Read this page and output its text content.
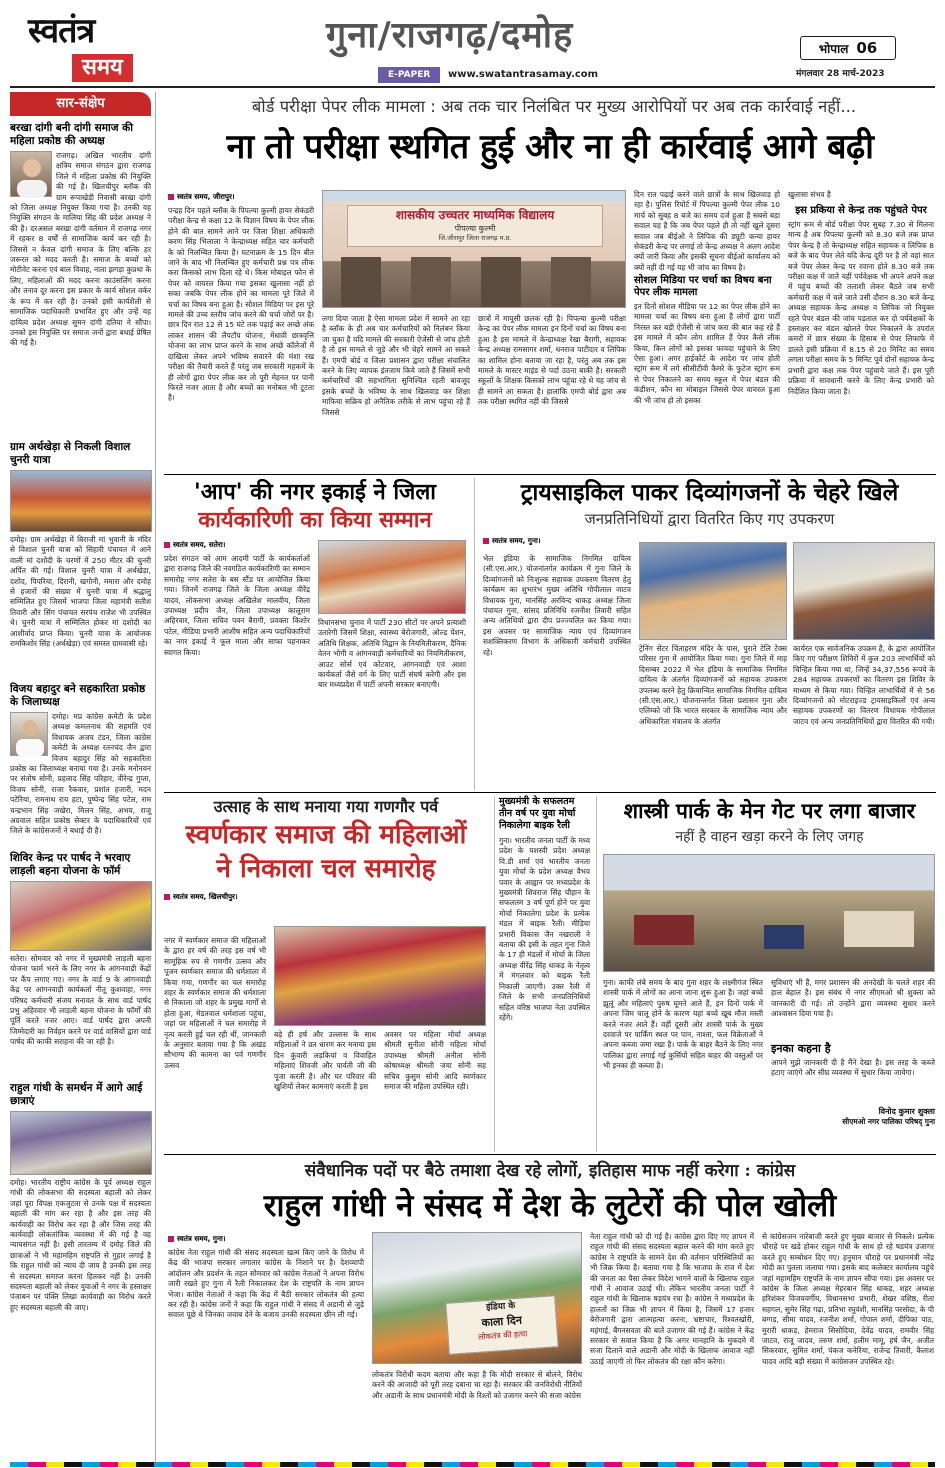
स्वतंत्र
समय
गुना/राजगढ़/दमोह
E-PAPER	www.swatantrasamay.com
भोपाल 06
मंगलवार 28 मार्च-2023
सार-संक्षेप
बरखा दांगी बनी दांगी समाज की महिला प्रकोष्ठ की अध्यक्ष
राजगढ़। अखिल भारतीय दांगी क्षत्रिय समाज संगठन द्वारा राजगढ़ जिले में महिला प्रकोष्ठ की नियुक्ति की गई है। खिलचीपुर ब्लॉक की ग्राम रूपाखेड़ी निवासी बरखा दांगी को जिला अध्यक्ष नियुक्त किया गया है। उनकी यह नियुक्ति संगठन के मालिया सिंह की प्रदेश अध्यक्ष ने की है। दरअसल बरखा दांगी वर्तमान में राजगढ़ नगर में रहकर 8 वर्षों से सामाजिक कार्य कर रही है। जिससे न केवल दांगी समाज के लिए बल्कि हर जरूरत को मदद करती है। समाज के बच्चों को मोटीवेट करना एवं बाल विवाह, नाता झगड़ा कुप्रथा के लिए, महिलाओं की मदद करना काउंसलिंग करना और तनाव दूर करना इस प्रकार के कार्य सोशल वर्कर के रूप में कर रही है। उनको इसी कार्यशैली से सामाजिक पदाधिकारी प्रभावित हुए और उन्हें यह दायित्व प्रदेश अध्यक्ष सुमन दांगी दतिया ने सौंपा। उनको इस नियुक्ति पर समाज जनों द्वारा बधाई प्रेषित की गई है।
ग्राम अर्थखेड़ा से निकली विशाल चुनरी यात्रा
दमोह। ग्राम अर्थखेड़ा में बिराजी मां भुवानी के मंदिर से विशाल चुनरी यात्रा को सिहारी पंचायत में आने वाली मां दशोदी के चरणों में 250 मीटर की चुनरी अर्पित की गई। विशाल चुनरी यात्रा में अर्थखेड़ा, दशोद, पिपरिया, दिरानी, खगोनी, ममारा और दमोह से हजारों की संख्या में चुनरी यात्रा में श्रद्धालु सम्मिलित हुए जिसमें भाजपा जिला महामंत्री सतीश तिवारी और सिंग पंचायत सरपंच राजेश भी उपस्थित थे। चुनरी यात्रा में सम्मिलित होकर मां दशोदी का आशीर्वाद प्राप्त किया। चुनरी यात्रा के आयोजक रामकिशोर सिंह (अर्थखेड़ा) एवं समस्त ग्रामवासी रहे।
विजय बहादुर बने सहकारिता प्रकोष्ठ के जिलाध्यक्ष
दमोह। मप्र कांग्रेस कमेटी के प्रदेश अध्यक्ष कमलनाथ की सहमति एवं विधायक अजय टंडन, जिला कांग्रेस कमेटी के अध्यक्ष रतनचंद जैन द्वारा विजय बहादुर सिंह को सहकारिता प्रकोष्ठ का जिलाध्यक्ष बनाया गया है। उनके मनोनयन पर संतोष सोनी, प्रहलाद सिंह परिहार, वीरेन्द्र गुप्ता, विजय सोनी, राजा रैकवार, प्रशांत हजारी, मदन पटेरिया, रामनाथ राय हटा, पुष्पेन्द्र सिंह पटेल, राम चन्द्रभान सिंह जखेरा, मिलन सिंह, अभय, राजू अग्रवाल सहित प्रकोष्ठ सेक्टर के पदाधिकारियों एवं जिले के कांग्रेसजनों ने बधाई दी है।
शिविर केन्द्र पर पार्षद ने भरवाए लाड़ली बहना योजना के फॉर्म
सतेरा। सोमवार को नगर में मुख्यमंत्री लाड़ली बहना योजना फार्म भरने के लिए नगर के आंगनवाड़ी केंद्रों पर कैंप लगाए गए। नगर के वार्ड 9 के आंगनवाड़ी केंद्र पर आंगनवाड़ी कार्यकर्ता नीतू कुशवाहा, नगर परिषद कर्मचारी संजय मनावत के साथ वार्ड पार्षद प्रभु अहिरवार भी लाड़ली बहना योजना के फॉर्मों की पूर्ति करते नजर आए। वार्ड पार्षद द्वारा अपनी जिम्मेदारी का निर्वहन करने पर वार्ड वासियों द्वारा वार्ड पार्षद की काफी सराहना की जा रही है।
राहुल गांधी के समर्थन में आगे आई छात्राएं
दमोह। भारतीय राष्ट्रीय कांग्रेस के पूर्व अध्यक्ष राहुल गांधी की लोकसभा की सदस्यता बहाली को लेकर जहां पूरा विपक्ष एकजुटता से उनके पक्ष में सदस्यता बहाली की मांग कर रहा है और इस तरह की कार्यवाही का विरोध कर रहा है और जिस तरह की कार्यवाही लोकतांत्रिक व्यवस्था में की गई है वह न्यायसंगत नहीं है। इसी तारतम्य में दमोह जिले की छात्राओं ने भी महामहिम राष्ट्रपति से गुहार लगाई है कि राहुल गांधी को न्याय दी जाय है उनकी इस तरह से सदस्यता समाप्त करना हितकर नहीं है। उनकी सदस्यता बहाली को लेकर युवाओं ने नगर के हस्ताक्षर पंजाबन पर पंक्ति लिखा कार्यवाही का विरोध करते हुए सदस्यता बहाली की जाए।
बोर्ड परीक्षा पेपर लीक मामला : अब तक चार निलंबित पर मुख्य आरोपियों पर अब तक कार्रवाई नहीं...
ना तो परीक्षा स्थगित हुई और ना ही कार्रवाई आगे बढ़ी
स्वतंत्र समय, जीरापुर।
पन्द्रह दिन पहले ब्लॉक के पिपल्या कुल्मी हायर सेकंडरी परीक्षा केन्द्र से कक्षा 12 के विज्ञान विषय के पेपर लीक होने की बात सामने आने पर जिला शिक्षा अधिकारी करण सिंह भिलाला ने केन्द्राध्यक्ष सहित चार कर्मचारी के को निलम्बित किया है। घटनाक्रम के 15 दिन बीत जाने के बाद भी निलम्बित हुए कर्मचारी प्रश्न पत्र लीक करा किसको लाभ दिला रहे थे। किस मोबाइल फोन से पेपर को वायरल किया गया इसका खुलासा नहीं हो सका जबकि पेपर लीक होने का मामला पूरे जिले में चर्चा का विषय बना हुआ है। सोशल मिडिया पर इस पूरे मामले की उच्च स्तरीय जांच करने की चर्चा जोरों पर है। छात्र दिन रात 12 से 15 घंटे तक पढ़ाई कर अच्छे अंक लाकर शासन की लैपटॉप योजना, मेधावी छात्रवृत्ति योजना का लाभ प्राप्त करने के साथ अच्छे कॉलेजों में दाखिला लेकर अपने भविष्य सवारने की मंशा रख परीक्षा की तैयारी करते हैं परंतु जब सरकारी महकमें के ही लोगों द्वारा पेपर लीक कर तो पूरी मेहनत पर पानी फिरते नजर आता है और बच्चों का मनोबल भी टूटता है।
शासकीय उच्चतर माध्यमिक विद्यालय
पीपल्या कुल्मी
जि.जीरापुर जिला राजगढ़ म.प्र.
लगा दिया जाता है ऐसा मामला प्रदेश में सामने आ रहा है ब्लॉक के ही अब चार कर्मचारियों को निलंबन किया जा चुका है यदि मामले की सरकारी ऐजेंसी से जांच होती है तो इस मामले से जुड़े और भी चेहरे सामने आ सकते हैं। एमपी बोर्ड व जिला प्रशासन द्वारा परीक्षा संचालित करने के लिए व्यापक इंतजाम किये जाते हैं जिसमें सभी कर्मचारियों की सहभागिता सुनिश्चित रहती बावजूद इसके बच्चों के भविष्य के साथ खिलवाड़ कर शिक्षा माफिया सक्रिय हो अनैतिक तरीके से लाभ पहुंचा रहे हैं जिससे
छात्रों में मायूसी छलक रही है। पिपल्या कुल्मी परीक्षा केन्द्र का पेपर लीक मामला इन दिनों चर्चा का विषय बना हुआ है इस मामले में केन्द्राध्यक्ष रेखा बैरागी, सहायक केन्द्र अध्यक्ष रामसागर शर्मा, धनराज पाटीदार व लिपिक का शामिल होना बताया जा रहा है, परंतु अब तक इस मामले के मास्टर माइंड से पर्दा उठना बाकी है। सरकारी स्कूलों के शिक्षक किसको लाभ पहुंचा रहे थे यह जांच से ही सामने आ सकता है। हालांकि एमपी बोर्ड द्वारा अब तक परीक्षा स्थगित नहीं की जिससे
दिन रात पढ़ाई करने वाले छात्रों के साथ खिलवाड़ हो रहा है। पुलिस रिपोर्ट में पिपल्या कुल्मी पेपर लीक 10 मार्च को सुबह 8 बजे का समय दर्ज हुआ है सबसे बड़ा सवाल यह है कि जब पेपर पहले ही तो नहीं खुले दूसरा सवाल जब बीईओ ने लिपिक की ड्यूटी कन्या हायर सेकंडरी केन्द्र पर लगाई तो केन्द्र अध्यक्ष ने अलग आदेश क्यों जारी किया और इसकी सूचना बीईओ कार्यालय को क्यों नहीं दी गई यह भी जांच का विषय है।
सोशल मिडिया पर चर्चा का विषय बना पेपर लीक मामला
इन दिनों सोशल मीडिया पर 12 का पेपर लीक होने का मामला चर्चा का विषय बना हुआ है लोगों द्वारा पार्टी निरस्त कर बड़ी ऐजेंसी से जांच करा की बात कह रहे हैं इस मामले में कौन लोग शामिल हैं पेपर कैसे लीक किया, किन लोगों को इसका फायदा पहुंचाने के लिए ऐसा हुआ। अगर हाईकोर्ट के आदेश पर जांच होती स्ट्रांग रूम में लगे सीसीटीवी कैमरे के फुटेज स्ट्रांग रूम से पेपर निकालने का समय स्कूल में पेपर बंडल की कंडीशन, कौन सा मोबाइल जिससे पेपर वायरल हुआ की भी जांच हो तो इसका
खुलासा संभव है
इस प्रकिया से केन्द्र तक पहुंचते पेपर
स्ट्रांग रूम से बोर्ड परीक्षा पेपर सुबह 7.30 से मिलना मान्य है अब पिपल्या कुल्मी को 8.30 बजे तक प्राप्त पेपर केन्द्र है तो केन्द्राध्यक्ष सहित सहायक व लिपिक 8 बजे के बाद पेपर लेते यदि केन्द्र दूरी पर है तो वहां सात बजे पेपर लेकर केन्द्र पर रवाना होते 8.30 बजे तक परीक्षा कक्ष में जाते यहीं पर्यवेक्षक भी अपने अपने कक्ष में पहुंच बच्चों की तलाशी लेकर बैठते जब सभी कर्मचारी कक्ष में चले जाते उसी दौरान 8.30 बजे केन्द्र अध्यक्ष सहायक केन्द्र अध्यक्ष व लिपिक जो नियुक्त रहते पेपर बंडल की जांच पड़ताल कर दो पर्यवेक्षकों के हस्ताक्षर कर बंडल खोलते पेपर निकालने के उपरांत कमरों में छात्र संख्या के हिसाब से पेपर लिफाफे में डालते इसी प्रक्रिया में 8.15 से 20 मिनिट का समय लगता परीक्षा समय के 5 मिनिट पूर्व दोनों सहायक केन्द्र प्रभारी द्वारा कक्ष तक पेपर पहुंचाये जाते हैं। इस पूरी प्रक्रिया में सावधानी करने के लिए केन्द्र प्रभारी को निर्देशित किया जाता है।
'आप' की नगर इकाई ने जिला
कार्यकारिणी का किया सम्मान
स्वतंत्र समय, सतेरा।
प्रदेश संगठन को आम आदमी पार्टी के कार्यकर्ताओं द्वारा राजगढ़ जिले की नवगठित कार्यकारिणी का सम्मान समारोह नगर सतेरा के बस स्टैंड पर आयोजित किया गया। जिनमें राजगढ़ जिले के जिला अध्यक्ष वीरेंद्र यादव, लोकसभा अध्यक्ष अखिलेश मालवीय, जिला उपाध्यक्ष प्रदीप जैन, जिला उपाध्यक्ष कालूराम अहिरवार, जिला सचिव पवन बैरागी, प्रवक्ता किशोर पटेल, मीडिया प्रभारी आशीष सहित अन्य पदाधिकारियों का नगर इकाई ने फूल माला और साफा पहनाकर स्वागत किया।
विधानसभा चुनाव में पार्टी 230 सीटों पर अपने प्रत्याशी उतारेगी जिसमें शिक्षा, स्वास्थ्य बेरोजगारी, ओल्ड पेंशन, अतिथि शिक्षक, अतिथि विद्वान के नियमितीकरण, दैनिक वेतन भोगी व आंगनवाड़ी कर्मचारियों का नियमितीकरण, आउट सोर्स एवं कोटवार, आंगनवाड़ी एवं आशा कार्यकर्ता जैसे वर्ग के लिए पार्टी संघर्ष करेगी और इस बार मध्यप्रदेश में पार्टी अपनी सरकार बनाएगी।
ट्रायसाइकिल पाकर दिव्यांगजनों के चेहरे खिले
जनप्रतिनिधियों द्वारा वितरित किए गए उपकरण
स्वतंत्र समय, गुना।
भेल इंडिया के सामाजिक निगमित दायित्व (सी.एस.आर.) योजनांतर्गत कार्यक्रम में गुना जिले के दिव्यांगजनों को निःशुल्क सहायक उपकरण वितरण हेतु कार्यक्रम का शुभारंभ मुख्य अतिथि गोपीलाल जाटव विधायक गुना, मानसिंह अरविन्द धाकड़ अध्यक्ष जिला पंचायत गुना, सांसद प्रतिनिधि रजनीश तिवारी सहित अन्य अतिथियों द्वारा दीप प्रज्ज्वलित कर किया गया। इस अवसर पर सामाजिक न्याय एवं दिव्यांगजन सशक्तिकरण विभाग के अधिकारी कर्मचारी उपस्थित रहे।	ट्रेनिंग सेंटर चिंताहरण मंदिर के पास, पुराने टेलि टेक्स परिसर गुना में आयोजित किया गया। गुना जिले में माह दिसम्बर 2022 में भेल इंडिया के सामाजिक निगमित दायित्व के अंतर्गत दिव्यांगजनों को सहायक उपकरण उपलब्ध करने हेतु क्रियान्वित सामाजिक निगमित दायित्व (सी.एस.आर.) योजनान्तर्गत जिला प्रशासन गुना और एलिम्को जो कि भारत सरकार के सामाजिक न्याय और अधिकारिता मंत्रालय के अंतर्गत
कार्यरत एक सार्वजनिक उपक्रम है, के द्वारा आयोजित किए गए परीक्षण शिविरों में कुल 203 लाभार्थियों को चिन्हित किया गया था, जिन्हें 34,37,556 रूपये के 284 सहायक उपकरणों का वितरण इस शिविर के माध्यम से किया गया। चिन्हित लाभार्थियों में से 56 दिव्यांगजनों को मोटराइज्ड ट्रायसाइकिलों एवं अन्य सहायक उपकरणों का वितरण विधायक गोपीलाल जाटव एवं अन्य जनप्रतिनिधियों द्वारा वितरित की गयी।
उत्साह के साथ मनाया गया गणगौर पर्व
स्वर्णकार समाज की महिलाओं ने निकाला चल समारोह
स्वतंत्र समय, खिलचीपुर।
नगर में स्वर्णकार समाज की महिलाओं के द्वारा हर वर्ष की तरह इस वर्ष भी सामूहिक रुप से गणगौर उत्सव और पूजन स्वर्णकार समाज की धर्मशाला में किया गया, गणगौर का चल समारोह शहर के स्वर्णकार समाज की धर्मशाला से निकाला जो शहर के प्रमुख मार्गों से होता हुआ, मेडतवाल धर्मशाला पहुंचा, जहां पर महिलाओं ने चल समारोह में नृत्य करती हुई चल रही थीं, जानकारी के अनुसार बताया गया है कि अखंड सौभाग्य की कामना का पर्व गणगौर उत्सव
बड़े ही हर्ष और उल्लास के साथ महिलाओं ने व्रत धारण कर मनाया इस दिन कुंवारी लड़कियां व विवाहित महिलाएं शिवजी और पार्वती जी की पूजा करती है। और घर परिवार की खुशियों लेकर कामनाएं करती है इस
अवसर पर महिला मोर्चा अध्यक्ष श्रीमती सुनीता सोनी महिला मोर्चा उपाध्यक्ष श्रीमती अनीता सोनी कोषाध्यक्ष श्रीमती जया सोनी सह सचिव कुसुम सोनी आदि स्वर्णकार समाज की महिला उपस्थित रही।
मुख्यमंत्री के सफलतम तीन वर्ष पर युवा मोर्चा निकालेगा बाइक रैली
गुना। भारतीय जनता पार्टी के मध्य प्रदेश के यशस्वी प्रदेश अध्यक्ष वि.डी शर्मा एवं भारतीय जनता युवा मोर्चा के प्रदेश अध्यक्ष वैभव पवार के आह्वान पर मध्यप्रदेश के मुख्यमंत्री शिवराज सिंह चौहान के सफलतम 3 वर्ष पूर्ण होने पर युवा मोर्चा निकालेगा प्रदेश के प्रत्येक मंडल में बाइक रैली। मीडिया प्रभारी विकास जैन नखराली ने बताया की इसी के तहत गुना जिले के 17 ही मंडलों में मोर्चा के जिला अध्यक्ष वीरेंद्र सिंह धाकड़ के नेतृत्व में मंगलवार को बाइक रैली निकाली जाएगी। उक्त रैली में जिले के सभी जनप्रतिनिधियों सहित वरिष्ठ भाजपा नेता उपस्थित रहेंगे।
शास्त्री पार्क के मेन गेट पर लगा बाजार
नहीं है वाहन खड़ा करने के लिए जगह
गुना। काफी लंबे समय के बाद गुना शहर के लक्ष्मीगंज स्थित शास्त्री पार्क में लोगों का आना जाना शुरू हुआ है। जहां बच्चे झूलूं और महिलाएं पुरुष घूमने आते हैं, इन दिनों पार्क में अपना जिम चालू होने के कारण यहां बच्चे खूब मौज मस्ती करते नजर आते हैं। वहीं दूसरी ओर शास्त्री पार्क के मुख्य दरवाजे पर पार्किंग स्थल पर पान, नाश्ता, फल विक्रेताओं ने अपना कब्जा जमा रखा है। पार्क के बाहर बैठने के लिए नगर पालिका द्वारा लगाई गई कुर्सियों सहित बाहर की वस्तुओं पर भी इनका ही कब्जा है।
सुविधाएं भी हैं, मगर प्रशासन की अनदेखी के चलते शहर की हाल बेहाल है। इस संबंध में नगर सीएमओ श्री शुक्ला को जानकारी दी गई। तो उन्होंने द्वारा व्यवस्था सुधार करने आश्वासन दिया गया है।
इनका कहना है
आपने मुझे जानकारी दी है मैंने देखा है। इस तरह के कब्जे हटाए जाएंगे और सीघ्र व्यवस्था में सुधार किया जायेगा।
विनोद कुमार शुक्ला
सीएमओ नगर पालिका परिषद् गुना
संवैधानिक पदों पर बैठे तमाशा देख रहे लोगों, इतिहास माफ नहीं करेगा : कांग्रेस
राहुल गांधी ने संसद में देश के लुटेरों की पोल खोली
स्वतंत्र समय, गुना।
कांग्रेस नेता राहुल गांधी की संसद सदस्यता खत्म किए जाने के विरोध में केंद्र की भाजपा सरकार लगातार कांग्रेस के निशाने पर है। देशव्यापी आंदोलन और प्रदर्शन के तहत सोमवार को कांग्रेस नेताओं ने अपना विरोध जारी रखते हुए गुना में रैली निकालकर देश के राष्ट्रपति के नाम ज्ञापन भेजा। कांग्रेस नेताओं ने कहा कि केंद्र में बैठी सरकार लोकतंत्र की हत्या कर रही है। कांग्रेस जनों ने कहा कि राहुल गांधी ने संसद में अडानी से जुड़े सवाल पूछे थे जिनका जवाब देने के बजाय उनकी सदस्यता छीन ली गई।
इंडिया के
काला दिन
लोकतंत्र की हत्या
लोकतंत्र विरोधी कदम बताया और कहा है कि मोदी सरकार से बोलने, विरोध करने की आजादी को पूरी तरह दबाना चा रहा है। सरकार की जनविरोधी नीतियों और अडानी के साथ प्रधानमंत्री मोदी के रिश्तों को उजागर करने की सजा कांग्रेस
नेता राहुल गांधी को दी गई है। कांग्रेस द्वारा दिए गए ज्ञापन में राहुल गांधी की संसद सदस्यता बहाल करने की मांग करते हुए कांग्रेस ने राष्ट्रपति के सामने देश की वर्तमान परिस्थितियों का भी जिक्र किया है। बताया गया है कि भाजपा के राज में देश की जनता का पैसा लेकर विदेश भागने वालों के खिलाफ राहुल गांधी ने आवाज उठाई थी। लेकिन भारतीय जनता पार्टी ने राहुल गांधी के खिलाफ षड़यंत्र रचा है। कांग्रेस ने मध्यप्रदेश के हालतों का जिक्र भी ज्ञापन में किया है, जिसमें 17 हजार बेरोजगारी द्वारा आत्महत्या करना, भ्रष्टाचार, रिश्वतखोरी, महंगाई, बैंगनसवता की बातें उजागर की गई हैं। कांग्रेस ने केंद्र सरकार से सवाल किया है कि अगर मानहानि के मुकदमे में सजा दिलाने वाले अडानी और मोदी के खिलाफ आवाज नहीं उठाई जाएगी तो फिर लोकतंत्र की रक्षा कौन करेगा।
से कांग्रेसजन नारेबाजी करते हुए मुख्य बाजार से निकले। प्रत्येक चौराहे पर खड़े होकर राहुल गांधी के साथ हो रहे षडयंत्र उजागर करते हुए सम्बोधन दिए गए। हनुमान चौराहे पर प्रधानमंत्री नरेंद्र मोदी का पुतला जलाया गया। इसके बाद कलेक्टर कार्यालय पहुंचे जहां महामहिम राष्ट्रपति के नाम ज्ञापन सौंपा गया। इस अवसर पर कांग्रेस के जिला अध्यक्ष मेहरबान सिंह धाकड़, शहर अध्यक्ष हरिशंकर विजयवर्गीय, विधानसभा प्रभारी, शेखर वशिष्ठ, रीता सहगल, सुमेर सिंह गढ़ा, प्रतिभा रघुवंशी, मानसिंह परसोदा, के पी बग्गड़, सीमा यादव, रजनीश शर्मा, गोपाल शर्मा, दीपिका पाठ, मुरारी धाकड़, हेमराज सिसोदिया, देवेंद्र यादव, रामवीर सिंह जाटव, राजू जादव, तरुण शर्मा, हलीम मामू, हर्ष जैन, अजीत सिकरवार, सुमित शर्मा, पंकज कनेरिया, राजेन्द्र तिवारी, कैलाश यादव आदि बड़ी संख्या में कांग्रेसजन उपस्थित रहे।
